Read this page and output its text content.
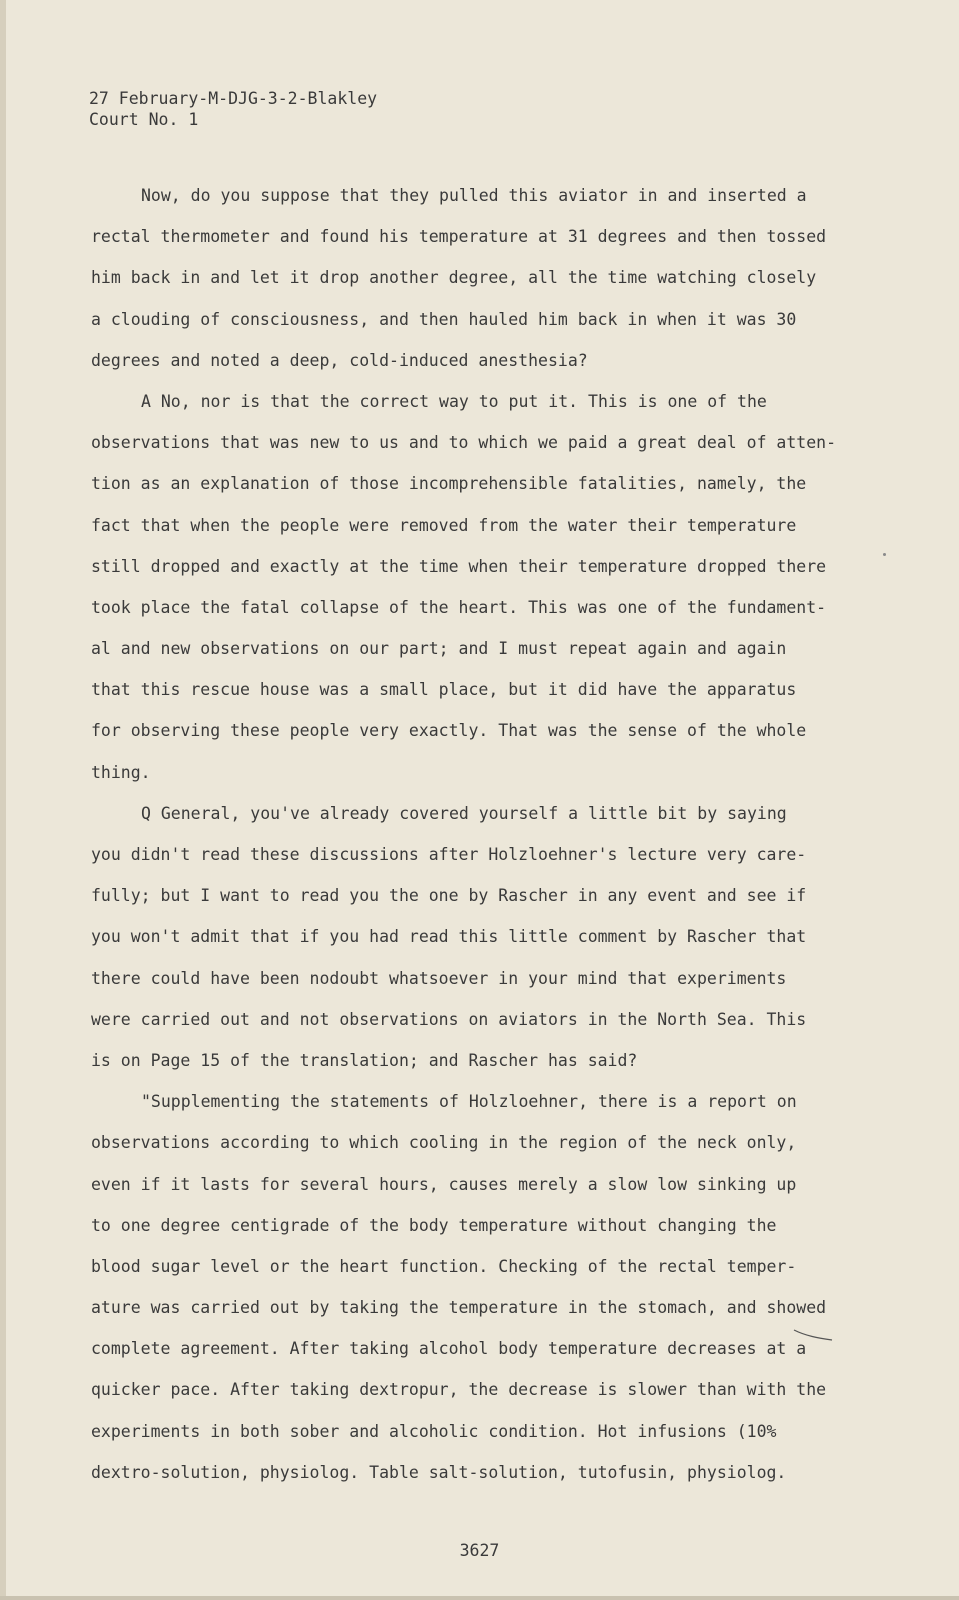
27 February-M-DJG-3-2-Blakley
Court No. 1
Now, do you suppose that they pulled this aviator in and inserted a
rectal thermometer and found his temperature at 31 degrees and then tossed
him back in and let it drop another degree, all the time watching closely
a clouding of consciousness, and then hauled him back in when it was 30
degrees and noted a deep, cold-induced anesthesia?
A No, nor is that the correct way to put it. This is one of the
observations that was new to us and to which we paid a great deal of atten-
tion as an explanation of those incomprehensible fatalities, namely, the
fact that when the people were removed from the water their temperature
still dropped and exactly at the time when their temperature dropped there
took place the fatal collapse of the heart. This was one of the fundament-
al and new observations on our part; and I must repeat again and again
that this rescue house was a small place, but it did have the apparatus
for observing these people very exactly. That was the sense of the whole
thing.
Q General, you've already covered yourself a little bit by saying
you didn't read these discussions after Holzloehner's lecture very care-
fully; but I want to read you the one by Rascher in any event and see if
you won't admit that if you had read this little comment by Rascher that
there could have been nodoubt whatsoever in your mind that experiments
were carried out and not observations on aviators in the North Sea. This
is on Page 15 of the translation; and Rascher has said?
"Supplementing the statements of Holzloehner, there is a report on
observations according to which cooling in the region of the neck only,
even if it lasts for several hours, causes merely a slow low sinking up
to one degree centigrade of the body temperature without changing the
blood sugar level or the heart function. Checking of the rectal temper-
ature was carried out by taking the temperature in the stomach, and showed
complete agreement. After taking alcohol body temperature decreases at a
quicker pace. After taking dextropur, the decrease is slower than with the
experiments in both sober and alcoholic condition. Hot infusions (10%
dextro-solution, physiolog. Table salt-solution, tutofusin, physiolog.
3627
